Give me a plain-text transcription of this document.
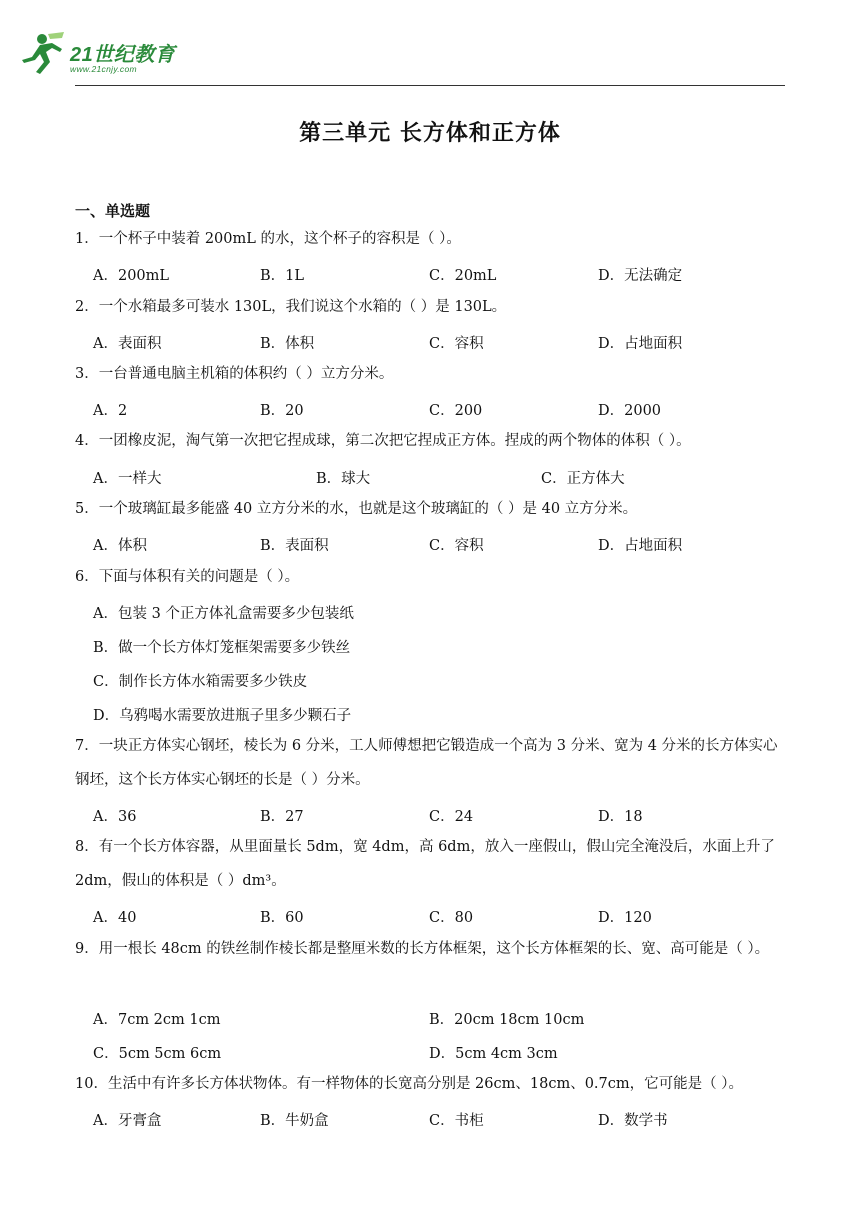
21世纪教育
www.21cnjy.com
第三单元 长方体和正方体
一、单选题
1．一个杯子中装着 200mL 的水，这个杯子的容积是（ ）。
A．200mL	B．1L	C．20mL	D．无法确定
2．一个水箱最多可装水 130L，我们说这个水箱的（ ）是 130L。
A．表面积	B．体积	C．容积	D．占地面积
3．一台普通电脑主机箱的体积约（ ）立方分米。
A．2	B．20	C．200	D．2000
4．一团橡皮泥，淘气第一次把它捏成球，第二次把它捏成正方体。捏成的两个物体的体积（ ）。
A．一样大	B．球大	C．正方体大
5．一个玻璃缸最多能盛 40 立方分米的水，也就是这个玻璃缸的（ ）是 40 立方分米。
A．体积	B．表面积	C．容积	D．占地面积
6．下面与体积有关的问题是（ ）。
A．包装 3 个正方体礼盒需要多少包装纸
B．做一个长方体灯笼框架需要多少铁丝
C．制作长方体水箱需要多少铁皮
D．乌鸦喝水需要放进瓶子里多少颗石子
7．一块正方体实心钢坯，棱长为 6 分米，工人师傅想把它锻造成一个高为 3 分米、宽为 4 分米的长方体实心钢坯，这个长方体实心钢坯的长是（ ）分米。
A．36	B．27	C．24	D．18
8．有一个长方体容器，从里面量长 5dm，宽 4dm，高 6dm，放入一座假山，假山完全淹没后，水面上升了 2dm，假山的体积是（ ）dm³。
A．40	B．60	C．80	D．120
9．用一根长 48cm 的铁丝制作棱长都是整厘米数的长方体框架，这个长方体框架的长、宽、高可能是（ ）。
A．7cm 2cm 1cm	B．20cm 18cm 10cm
C．5cm 5cm 6cm	D．5cm 4cm 3cm
10．生活中有许多长方体状物体。有一样物体的长宽高分别是 26cm、18cm、0.7cm，它可能是（ ）。
A．牙膏盒	B．牛奶盒	C．书柜	D．数学书
